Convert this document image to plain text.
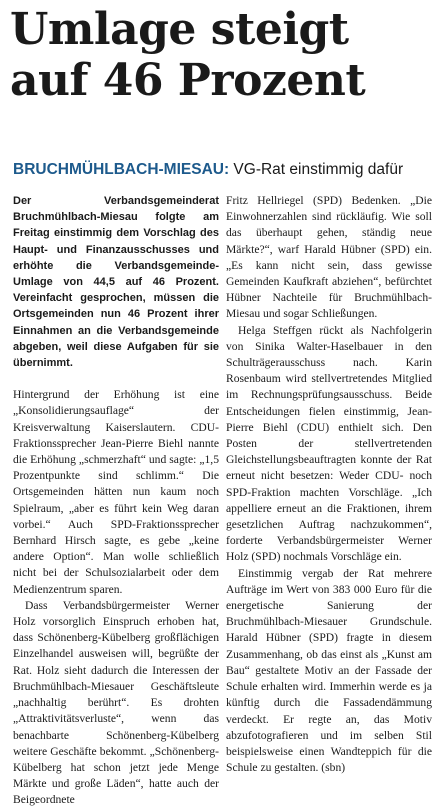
Umlage steigt
auf 46 Prozent
BRUCHMÜHLBACH-MIESAU: VG-Rat einstimmig dafür
Der Verbandsgemeinderat Bruchmühlbach-Miesau folgte am Freitag einstimmig dem Vorschlag des Haupt- und Finanzausschusses und erhöhte die Verbandsgemeinde-Umlage von 44,5 auf 46 Prozent. Vereinfacht gesprochen, müssen die Ortsgemeinden nun 46 Prozent ihrer Einnahmen an die Verbandsgemeinde abgeben, weil diese Aufgaben für sie übernimmt.

Hintergrund der Erhöhung ist eine „Konsolidierungsauflage“ der Kreisverwaltung Kaiserslautern. CDU-Fraktionssprecher Jean-Pierre Biehl nannte die Erhöhung „schmerzhaft“ und sagte: „1,5 Prozentpunkte sind schlimm.“ Die Ortsgemeinden hätten nun kaum noch Spielraum, „aber es führt kein Weg daran vorbei.“ Auch SPD-Fraktionssprecher Bernhard Hirsch sagte, es gebe „keine andere Option“. Man wolle schließlich nicht bei der Schulsozialarbeit oder dem Medienzentrum sparen.

Dass Verbandsbürgermeister Werner Holz vorsorglich Einspruch erhoben hat, dass Schönenberg-Kübelberg großflächigen Einzelhandel ausweisen will, begrüßte der Rat. Holz sieht dadurch die Interessen der Bruchmühlbach-Miesauer Geschäftsleute „nachhaltig berührt“. Es drohten „Attraktivitätsverluste“, wenn das benachbarte Schönenberg-Kübelberg weitere Geschäfte bekommt. „Schönenberg-Kübelberg hat schon jetzt jede Menge Märkte und große Läden“, hatte auch der Beigeordnete

Fritz Hellriegel (SPD) Bedenken. „Die Einwohnerzahlen sind rückläufig. Wie soll das überhaupt gehen, ständig neue Märkte?“, warf Harald Hübner (SPD) ein. „Es kann nicht sein, dass gewisse Gemeinden Kaufkraft abziehen“, befürchtet Hübner Nachteile für Bruchmühlbach-Miesau und sogar Schließungen.

Helga Steffgen rückt als Nachfolgerin von Sinika Walter-Haselbauer in den Schulträgerausschuss nach. Karin Rosenbaum wird stellvertretendes Mitglied im Rechnungsprüfungsausschuss. Beide Entscheidungen fielen einstimmig, Jean-Pierre Biehl (CDU) enthielt sich. Den Posten der stellvertretenden Gleichstellungsbeauftragten konnte der Rat erneut nicht besetzen: Weder CDU- noch SPD-Fraktion machten Vorschläge. „Ich appelliere erneut an die Fraktionen, ihrem gesetzlichen Auftrag nachzukommen“, forderte Verbandsbürgermeister Werner Holz (SPD) nochmals Vorschläge ein.

Einstimmig vergab der Rat mehrere Aufträge im Wert von 383 000 Euro für die energetische Sanierung der Bruchmühlbach-Miesauer Grundschule. Harald Hübner (SPD) fragte in diesem Zusammenhang, ob das einst als „Kunst am Bau“ gestaltete Motiv an der Fassade der Schule erhalten wird. Immerhin werde es ja künftig durch die Fassadendämmung verdeckt. Er regte an, das Motiv abzufotografieren und im selben Stil beispielsweise einen Wandteppich für die Schule zu gestalten. (sbn)
